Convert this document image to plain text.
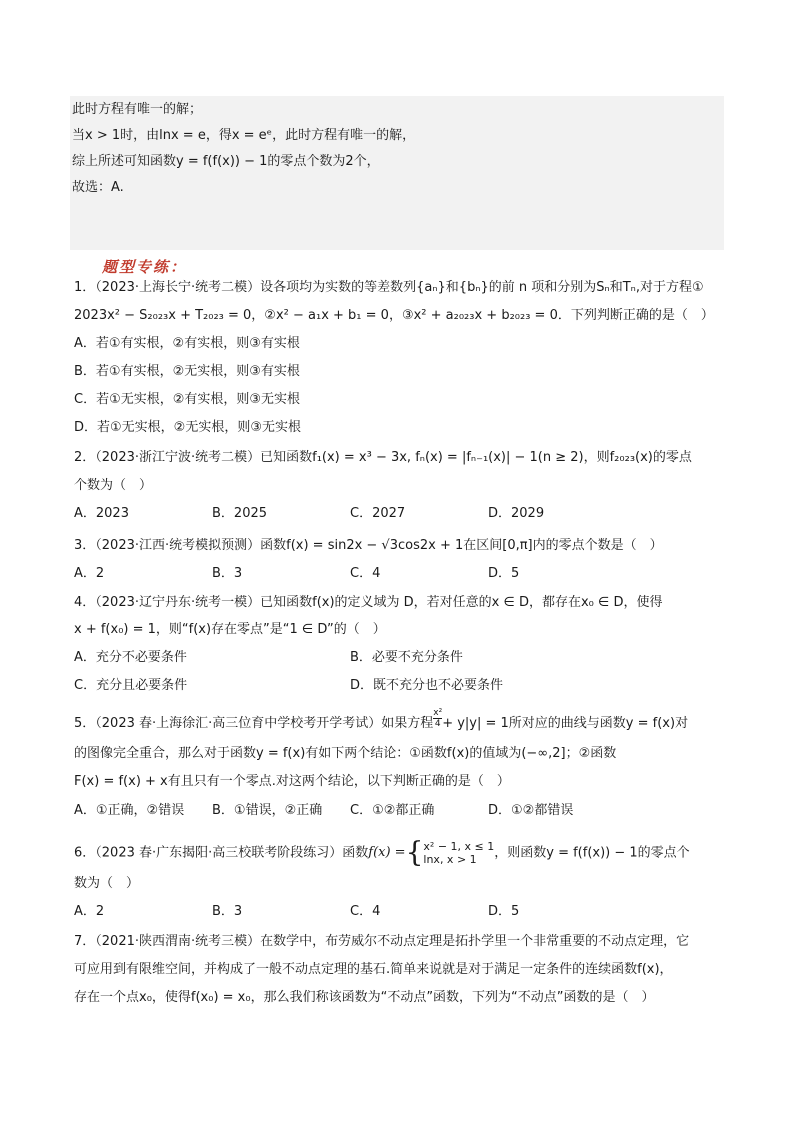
此时方程有唯一的解；
当x > 1时，由lnx = e，得x = eᵉ，此时方程有唯一的解，
综上所述可知函数y = f(f(x)) − 1的零点个数为2个，
故选：A.
题型专练：
1．（2023·上海长宁·统考二模）设各项均为实数的等差数列{aₙ}和{bₙ}的前 n 项和分别为Sₙ和Tₙ,对于方程①
2023x² − S₂₀₂₃x + T₂₀₂₃ = 0，②x² − a₁x + b₁ = 0，③x² + a₂₀₂₃x + b₂₀₂₃ = 0．下列判断正确的是（　）
A．若①有实根，②有实根，则③有实根
B．若①有实根，②无实根，则③有实根
C．若①无实根，②有实根，则③无实根
D．若①无实根，②无实根，则③无实根
2．（2023·浙江宁波·统考二模）已知函数f₁(x) = x³ − 3x, fₙ(x) = |fₙ₋₁(x)| − 1(n ≥ 2)，则f₂₀₂₃(x)的零点
个数为（　）
A．2023	B．2025	C．2027	D．2029
3．（2023·江西·统考模拟预测）函数f(x) = sin2x − √3cos2x + 1在区间[0,π]内的零点个数是（　）
A．2	B．3	C．4	D．5
4．（2023·辽宁丹东·统考一模）已知函数f(x)的定义域为 D，若对任意的x ∈ D，都存在x₀ ∈ D，使得
x + f(x₀) = 1，则“f(x)存在零点”是“1 ∈ D”的（　）
A．充分不必要条件	B．必要不充分条件
C．充分且必要条件	D．既不充分也不必要条件
5．（2023 春·上海徐汇·高三位育中学校考开学考试）如果方程 $\frac{\text{x²}}{4} + y|y| = 1$所对应的曲线与函数y = f(x)对
的图像完全重合，那么对于函数y = f(x)有如下两个结论：①函数f(x)的值域为(−∞,2]；②函数
F(x) = f(x) + x有且只有一个零点.对这两个结论，以下判断正确的是（　）
A．①正确，②错误 B．①错误，②正确 C．①②都正确	D．①②都错误
6．（2023 春·广东揭阳·高三校联考阶段练习）函数f(x) ={ x² − 1, x ≤ 1
lnx, x > 1	，则函数y = f(f(x)) − 1的零点个
数为（　）
A．2	B．3	C．4	D．5
7．（2021·陕西渭南·统考三模）在数学中，布劳威尔不动点定理是拓扑学里一个非常重要的不动点定理，它
可应用到有限维空间，并构成了一般不动点定理的基石.简单来说就是对于满足一定条件的连续函数f(x)，
存在一个点x₀，使得f(x₀) = x₀，那么我们称该函数为“不动点”函数，下列为“不动点”函数的是（　）
